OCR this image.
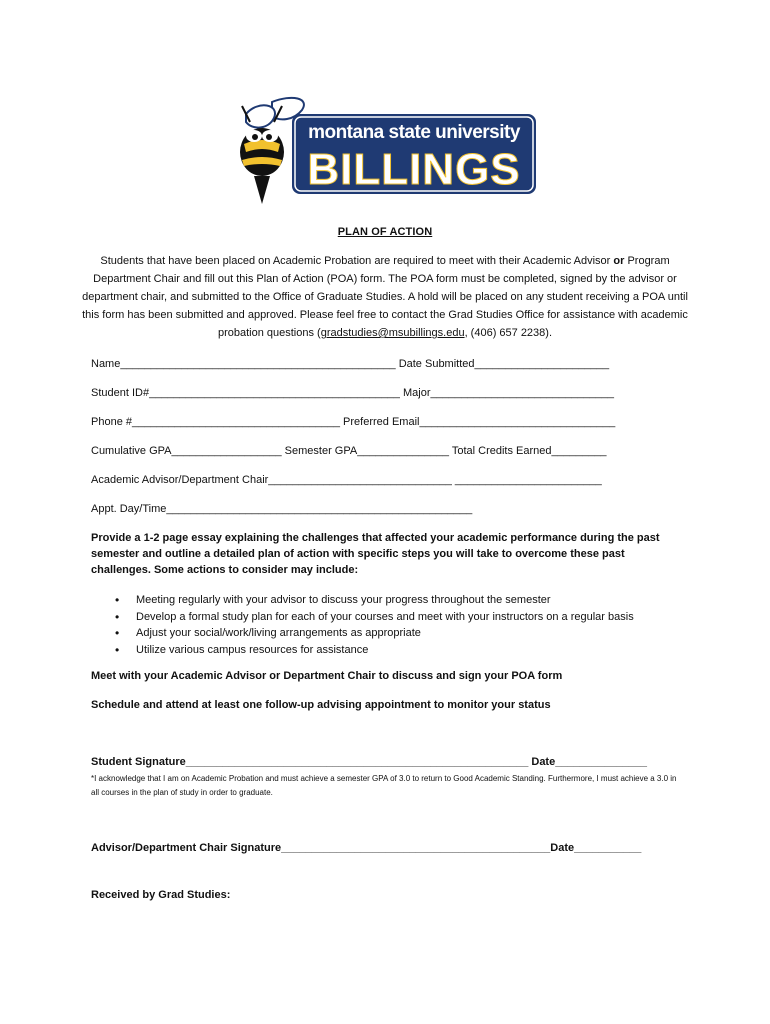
montana state university
BILLINGS
PLAN OF ACTION
Students that have been placed on Academic Probation are required to meet with their Academic Advisor or Program Department Chair and fill out this Plan of Action (POA) form. The POA form must be completed, signed by the advisor or department chair, and submitted to the Office of Graduate Studies. A hold will be placed on any student receiving a POA until this form has been submitted and approved. Please feel free to contact the Grad Studies Office for assistance with academic probation questions (gradstudies@msubillings.edu, (406) 657 2238).
Name_____________________________________________ Date Submitted______________________
Student ID#_________________________________________ Major______________________________
Phone #__________________________________ Preferred Email________________________________
Cumulative GPA__________________ Semester GPA_______________ Total Credits Earned_________
Academic Advisor/Department Chair______________________________ ________________________
Appt. Day/Time__________________________________________________
Provide a 1-2 page essay explaining the challenges that affected your academic performance during the past semester and outline a detailed plan of action with specific steps you will take to overcome these past challenges. Some actions to consider may include:
• Meeting regularly with your advisor to discuss your progress throughout the semester
• Develop a formal study plan for each of your courses and meet with your instructors on a regular basis
• Adjust your social/work/living arrangements as appropriate
• Utilize various campus resources for assistance
Meet with your Academic Advisor or Department Chair to discuss and sign your POA form
Schedule and attend at least one follow-up advising appointment to monitor your status
Student Signature________________________________________________________ Date_______________
*I acknowledge that I am on Academic Probation and must achieve a semester GPA of 3.0 to return to Good Academic Standing. Furthermore, I must achieve a 3.0 in all courses in the plan of study in order to graduate.
Advisor/Department Chair Signature____________________________________________Date___________
Received by Grad Studies:
